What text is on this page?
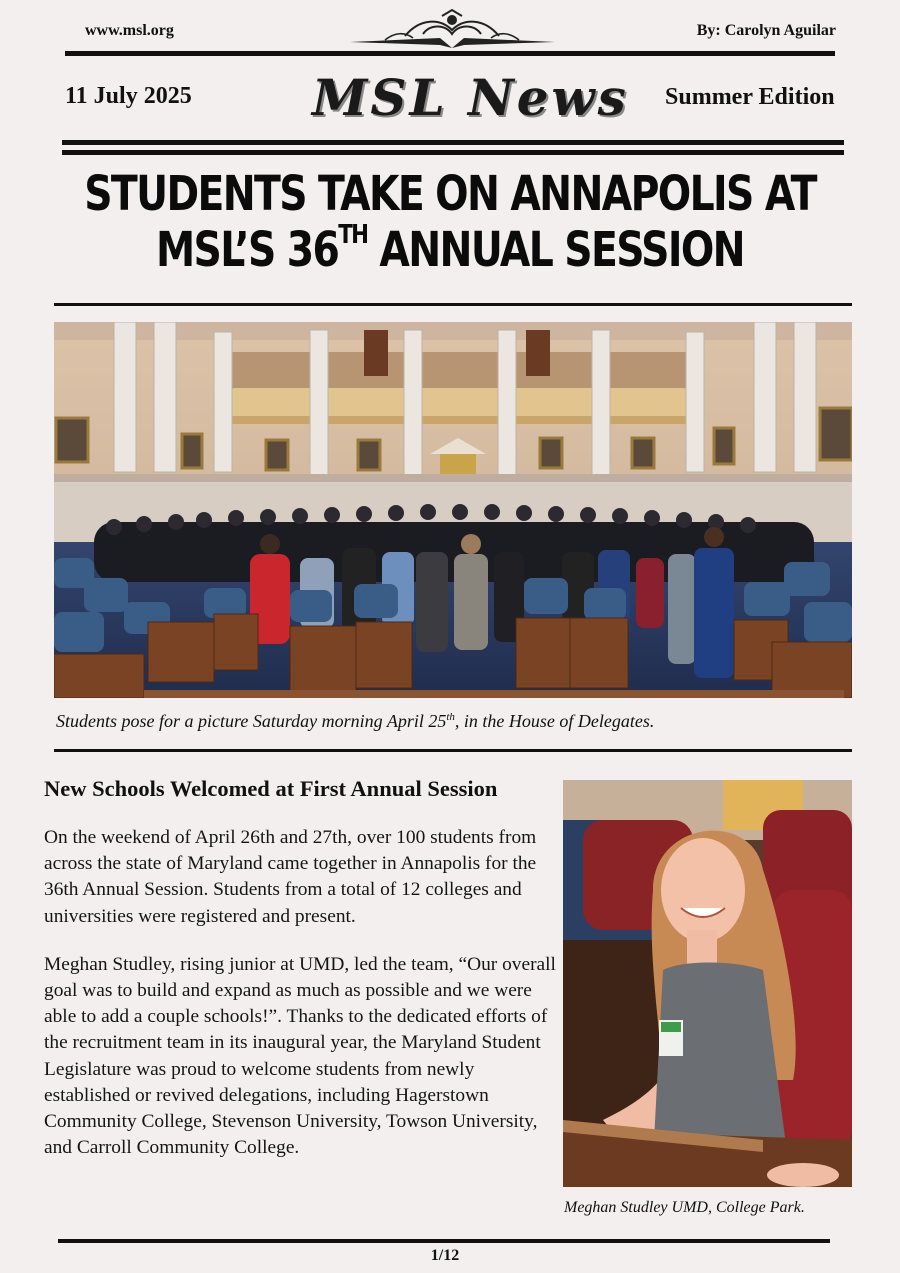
www.msl.org	By: Carolyn Aguilar
11 July 2025 MSL News Summer Edition
STUDENTS TAKE ON ANNAPOLIS AT
MSL’S 36TH ANNUAL SESSION
Students pose for a picture Saturday morning April 25th, in the House of Delegates.
New Schools Welcomed at First Annual Session

On the weekend of April 26th and 27th, over 100 students from across the state of Maryland came together in Annapolis for the 36th Annual Session. Students from a total of 12 colleges and universities were registered and present.

Meghan Studley, rising junior at UMD, led the team, “Our overall goal was to build and expand as much as possible and we were able to add a couple schools!”. Thanks to the dedicated efforts of the recruitment team in its inaugural year, the Maryland Student Legislature was proud to welcome students from newly established or revived delegations, including Hagerstown Community College, Stevenson University, Towson University, and Carroll Community College.

Meghan Studley UMD, College Park.
1/12
